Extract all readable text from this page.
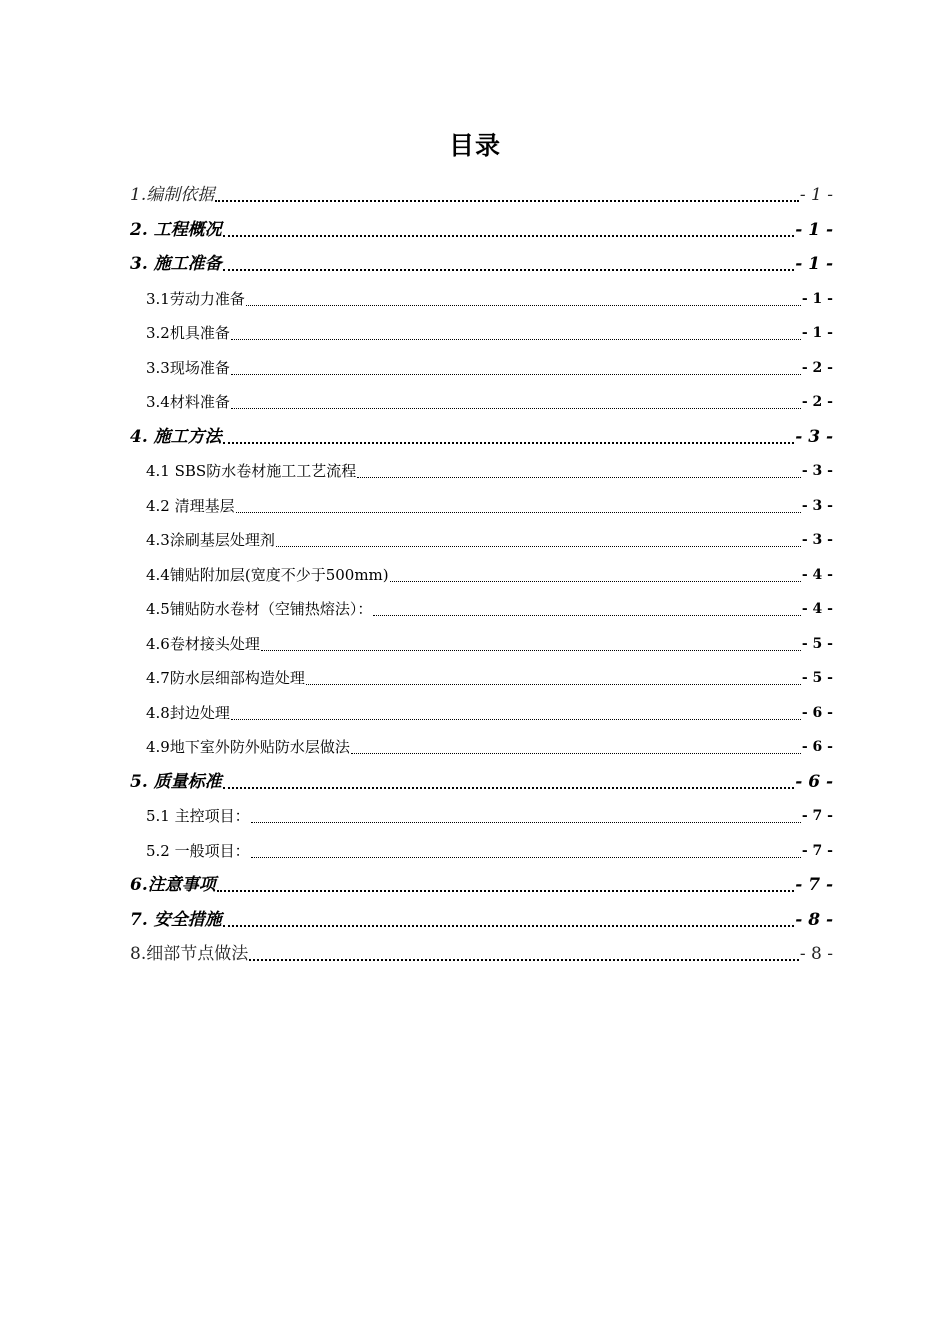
目录
1.编制依据	- 1 -
2. 工程概况	- 1 -
3. 施工准备	- 1 -
3.1劳动力准备	- 1 -
3.2机具准备	- 1 -
3.3现场准备	- 2 -
3.4材料准备	- 2 -
4. 施工方法	- 3 -
4.1 SBS防水卷材施工工艺流程	- 3 -
4.2 清理基层	- 3 -
4.3涂刷基层处理剂	- 3 -
4.4铺贴附加层(宽度不少于500mm)	- 4 -
4.5铺贴防水卷材（空铺热熔法）：	- 4 -
4.6卷材接头处理	- 5 -
4.7防水层细部构造处理	- 5 -
4.8封边处理	- 6 -
4.9地下室外防外贴防水层做法	- 6 -
5. 质量标准	- 6 -
5.1 主控项目：	- 7 -
5.2 一般项目：	- 7 -
6.注意事项	- 7 -
7. 安全措施	- 8 -
8.细部节点做法	- 8 -
